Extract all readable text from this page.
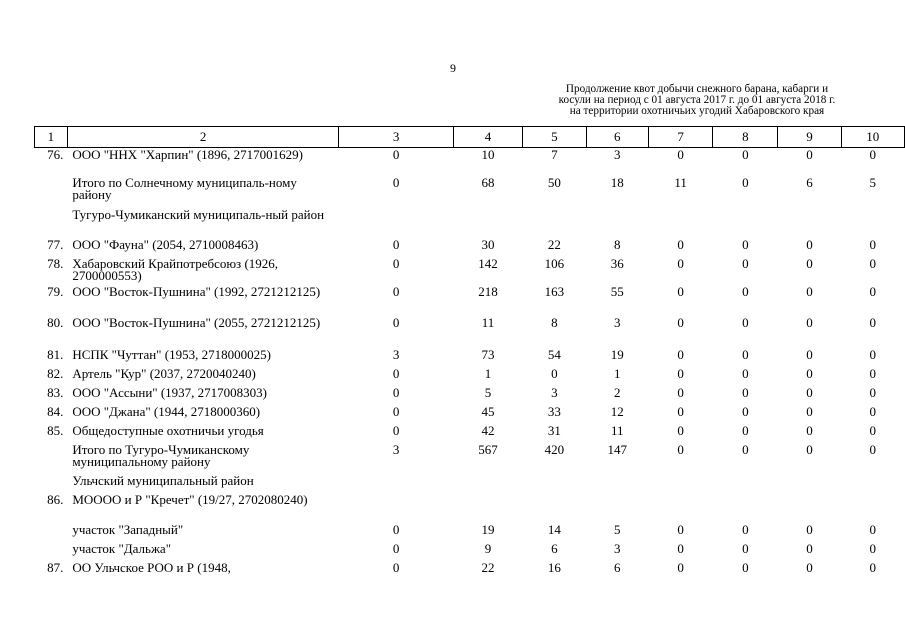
9
Продолжение квот добычи снежного барана, кабарги и
косули на период с 01 августа 2017 г. до 01 августа 2018 г.
на территории охотничьих угодий Хабаровского края
1	2	3	4	5	6	7	8	9	10
76.	ООО "ННХ "Харпин" (1896, 2717001629)	0	10	7	3	0	0	0	0
	Итого по Солнечному муниципаль-ному району	0	68	50	18	11	0	6	5
	Тугуро-Чумиканский муниципаль-ный район								
77.	ООО "Фауна" (2054, 2710008463)	0	30	22	8	0	0	0	0
78.	Хабаровский Крайпотребсоюз (1926, 2700000553)	0	142	106	36	0	0	0	0
79.	ООО "Восток-Пушнина" (1992, 2721212125)	0	218	163	55	0	0	0	0
80.	ООО "Восток-Пушнина" (2055, 2721212125)	0	11	8	3	0	0	0	0
81.	НСПК "Чуттан" (1953, 2718000025)	3	73	54	19	0	0	0	0
82.	Артель "Кур" (2037, 2720040240)	0	1	0	1	0	0	0	0
83.	ООО "Ассыни" (1937, 2717008303)	0	5	3	2	0	0	0	0
84.	ООО "Джана" (1944, 2718000360)	0	45	33	12	0	0	0	0
85.	Общедоступные охотничьи угодья	0	42	31	11	0	0	0	0
	Итого по Тугуро-Чумиканскому муниципальному району	3	567	420	147	0	0	0	0
	Ульчский муниципальный район								
86.	МОООО и Р "Кречет" (19/27, 2702080240)								
	участок "Западный"	0	19	14	5	0	0	0	0
	участок "Дальжа"	0	9	6	3	0	0	0	0
87.	ОО Ульчское РОО и Р (1948,	0	22	16	6	0	0	0	0
